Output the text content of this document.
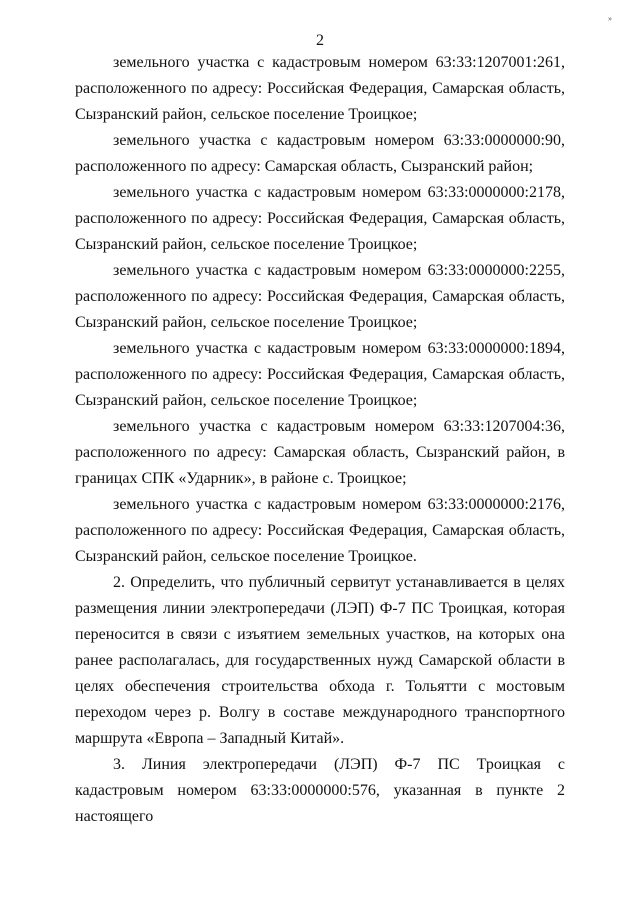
»
2

земельного участка с кадастровым номером 63:33:1207001:261, расположенного по адресу: Российская Федерация, Самарская область, Сызранский район, сельское поселение Троицкое;

земельного участка с кадастровым номером 63:33:0000000:90, расположенного по адресу: Самарская область, Сызранский район;

земельного участка с кадастровым номером 63:33:0000000:2178, расположенного по адресу: Российская Федерация, Самарская область, Сызранский район, сельское поселение Троицкое;

земельного участка с кадастровым номером 63:33:0000000:2255, расположенного по адресу: Российская Федерация, Самарская область, Сызранский район, сельское поселение Троицкое;

земельного участка с кадастровым номером 63:33:0000000:1894, расположенного по адресу: Российская Федерация, Самарская область, Сызранский район, сельское поселение Троицкое;

земельного участка с кадастровым номером 63:33:1207004:36, расположенного по адресу: Самарская область, Сызранский район, в границах СПК «Ударник», в районе с. Троицкое;

земельного участка с кадастровым номером 63:33:0000000:2176, расположенного по адресу: Российская Федерация, Самарская область, Сызранский район, сельское поселение Троицкое.

2. Определить, что публичный сервитут устанавливается в целях размещения линии электропередачи (ЛЭП) Ф-7 ПС Троицкая, которая переносится в связи с изъятием земельных участков, на которых она ранее располагалась, для государственных нужд Самарской области в целях обеспечения строительства обхода г. Тольятти с мостовым переходом через р. Волгу в составе международного транспортного маршрута «Европа – Западный Китай».

3. Линия электропередачи (ЛЭП) Ф-7 ПС Троицкая с кадастровым номером 63:33:0000000:576, указанная в пункте 2 настоящего
